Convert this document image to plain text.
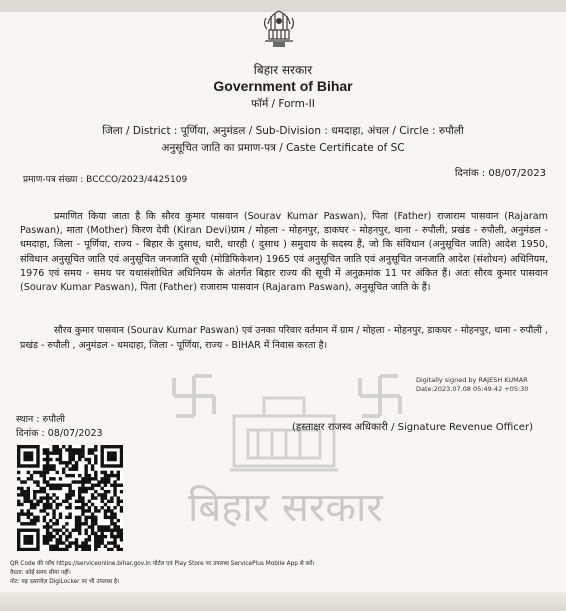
बिहार सरकार
Government of Bihar
फॉर्म / Form-II
जिला / District : पूर्णिया, अनुमंडल / Sub-Division : धमदाहा, अंचल / Circle : रुपौली
अनुसूचित जाति का प्रमाण-पत्र / Caste Certificate of SC
प्रमाण-पत्र संख्या : BCCCO/2023/4425109
दिनांक : 08/07/2023
बिहार सरकार
प्रमाणित किया जाता है कि सौरव कुमार पासवान (Sourav Kumar Paswan), पिता (Father) राजाराम पासवान (Rajaram Paswan), माता (Mother) किरण देवी (Kiran Devi)ग्राम / मोहला - मोहनपुर, डाकघर - मोहनपुर, थाना - रुपौली, प्रखंड - रुपौली, अनुमंडल - धमदाहा, जिला - पूर्णिया, राज्य - बिहार के दुसाध, धारी, धारही ( दुसाध ) समुदाय के सदस्य हैं, जो कि संविधान (अनुसूचित जाति) आदेश 1950, संविधान अनुसूचित जाति एवं अनुसूचित जनजाति सूची (मोडिफिकेशन) 1965 एवं अनुसूचित जाति एवं अनुसूचित जनजाति आदेश (संशोधन) अधिनियम, 1976 एवं समय - समय पर यथासंशोधित अधिनियम के अंतर्गत बिहार राज्य की सूची में अनुक्रमांक 11 पर अंकित हैं। अतः सौरव कुमार पासवान (Sourav Kumar Paswan), पिता (Father) राजाराम पासवान (Rajaram Paswan), अनुसूचित जाति के हैं।
सौरव कुमार पासवान (Sourav Kumar Paswan) एवं उनका परिवार वर्तमान में ग्राम / मोहला - मोहनपुर, डाकघर - मोहनपुर, थाना - रुपौली , प्रखंड - रुपौली , अनुमंडल - धमदाहा, जिला - पूर्णिया, राज्य - BIHAR में निवास करता है।
Digitally signed by RAJESH KUMAR
Date:2023.07.08 05:49:42 +05:30
स्थान : रुपौली
दिनांक : 08/07/2023
(हस्ताक्षर राजस्व अधिकारी / Signature Revenue Officer)
QR Code की जाँच https://serviceonline.bihar.gov.in पोर्टल एवं Play Store पर उपलब्ध ServicePlus Mobile App से करें।
वैधता: कोई समय सीमा नहीं।
नोट: यह दस्तावेज़ DigiLocker पर भी उपलब्ध है।
